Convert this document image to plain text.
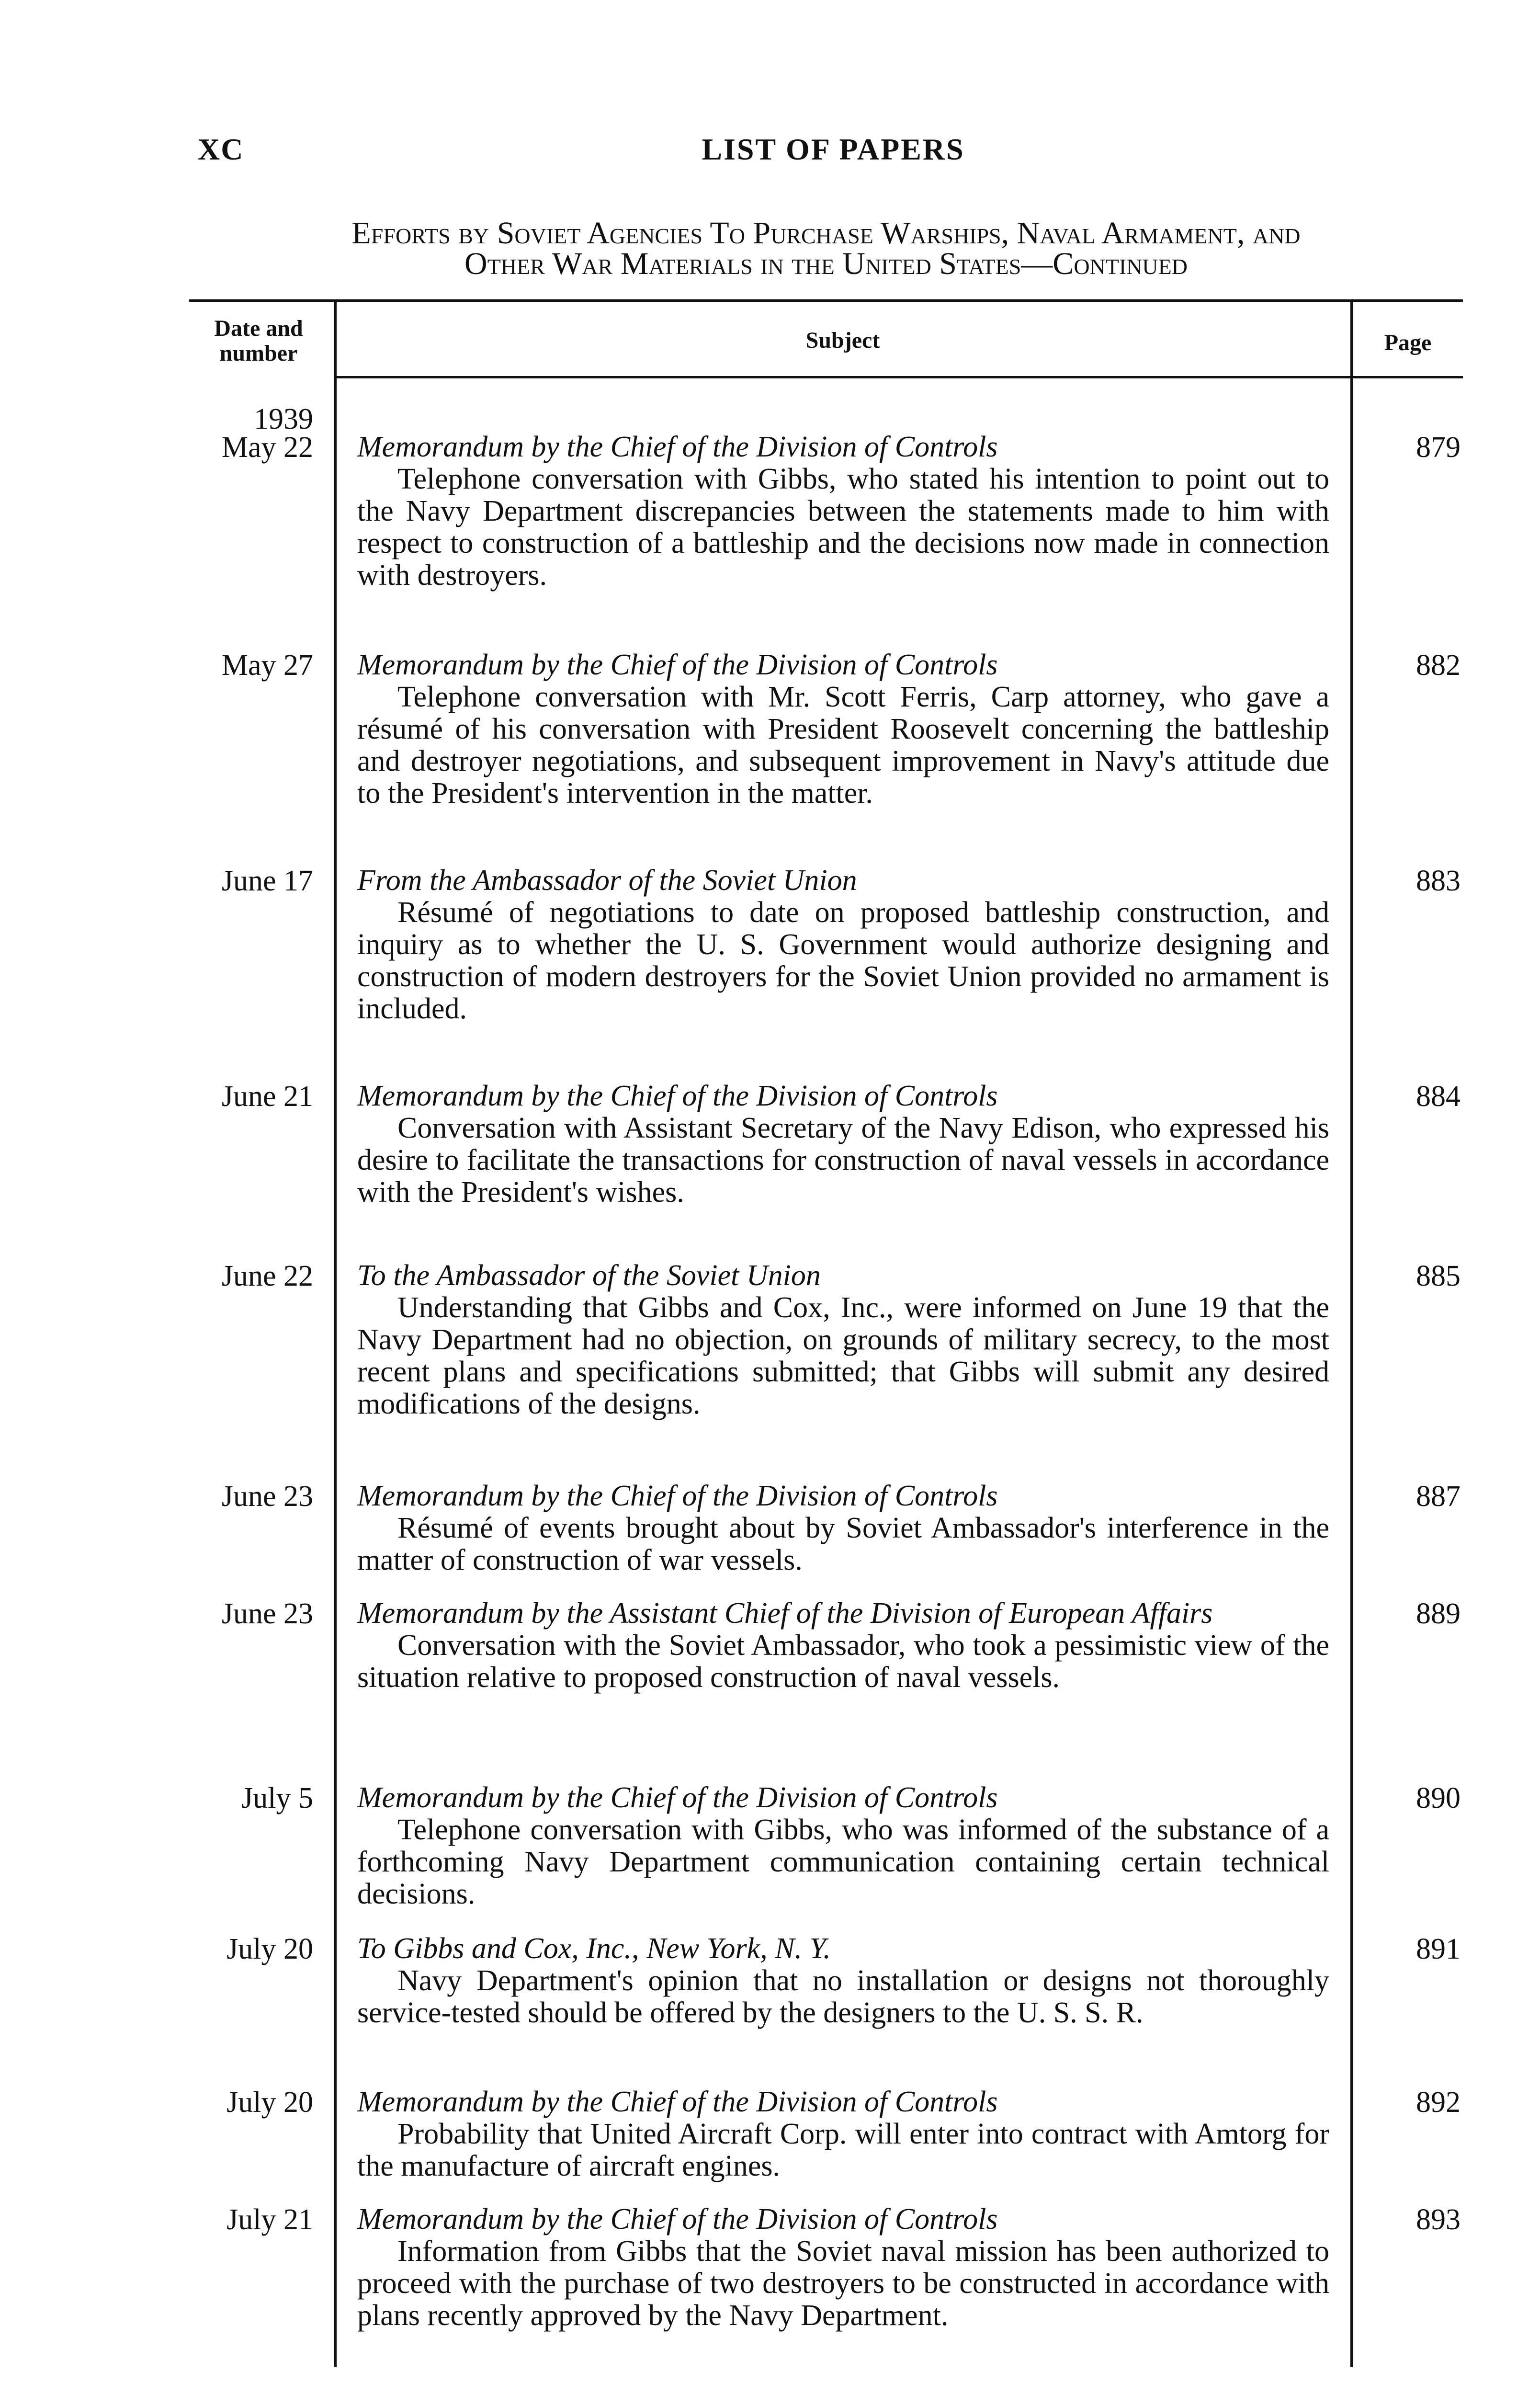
XC	LIST OF PAPERS
Efforts by Soviet Agencies To Purchase Warships, Naval Armament, and
Other War Materials in the United States—Continued
Date and number
Subject	Page
1939
May 22 Memorandum by the Chief of the Division of Controls
Telephone conversation with Gibbs, who stated his intention to point out to the Navy Department discrepancies between the statements made to him with respect to construction of a battleship and the decisions now made in connection with destroyers.
879
May 27 Memorandum by the Chief of the Division of Controls
Telephone conversation with Mr. Scott Ferris, Carp attorney, who gave a résumé of his conversation with President Roosevelt concerning the battleship and destroyer negotiations, and subsequent improvement in Navy's attitude due to the President's intervention in the matter.
882
June 17 From the Ambassador of the Soviet Union
Résumé of negotiations to date on proposed battleship construction, and inquiry as to whether the U. S. Government would authorize designing and construction of modern destroyers for the Soviet Union provided no armament is included.
883
June 21 Memorandum by the Chief of the Division of Controls
Conversation with Assistant Secretary of the Navy Edison, who expressed his desire to facilitate the transactions for construction of naval vessels in accordance with the President's wishes.
884
June 22 To the Ambassador of the Soviet Union
Understanding that Gibbs and Cox, Inc., were informed on June 19 that the Navy Department had no objection, on grounds of military secrecy, to the most recent plans and specifications submitted; that Gibbs will submit any desired modifications of the designs.
885
June 23 Memorandum by the Chief of the Division of Controls
Résumé of events brought about by Soviet Ambassador's interference in the matter of construction of war vessels.
887
June 23 Memorandum by the Assistant Chief of the Division of European Affairs
Conversation with the Soviet Ambassador, who took a pessimistic view of the situation relative to proposed construction of naval vessels.
889
July 5 Memorandum by the Chief of the Division of Controls
Telephone conversation with Gibbs, who was informed of the substance of a forthcoming Navy Department communication containing certain technical decisions.
890
July 20 To Gibbs and Cox, Inc., New York, N. Y.
Navy Department's opinion that no installation or designs not thoroughly service-tested should be offered by the designers to the U. S. S. R.
891
July 20 Memorandum by the Chief of the Division of Controls
Probability that United Aircraft Corp. will enter into contract with Amtorg for the manufacture of aircraft engines.
892
July 21 Memorandum by the Chief of the Division of Controls
Information from Gibbs that the Soviet naval mission has been authorized to proceed with the purchase of two destroyers to be constructed in accordance with plans recently approved by the Navy Department.
893
